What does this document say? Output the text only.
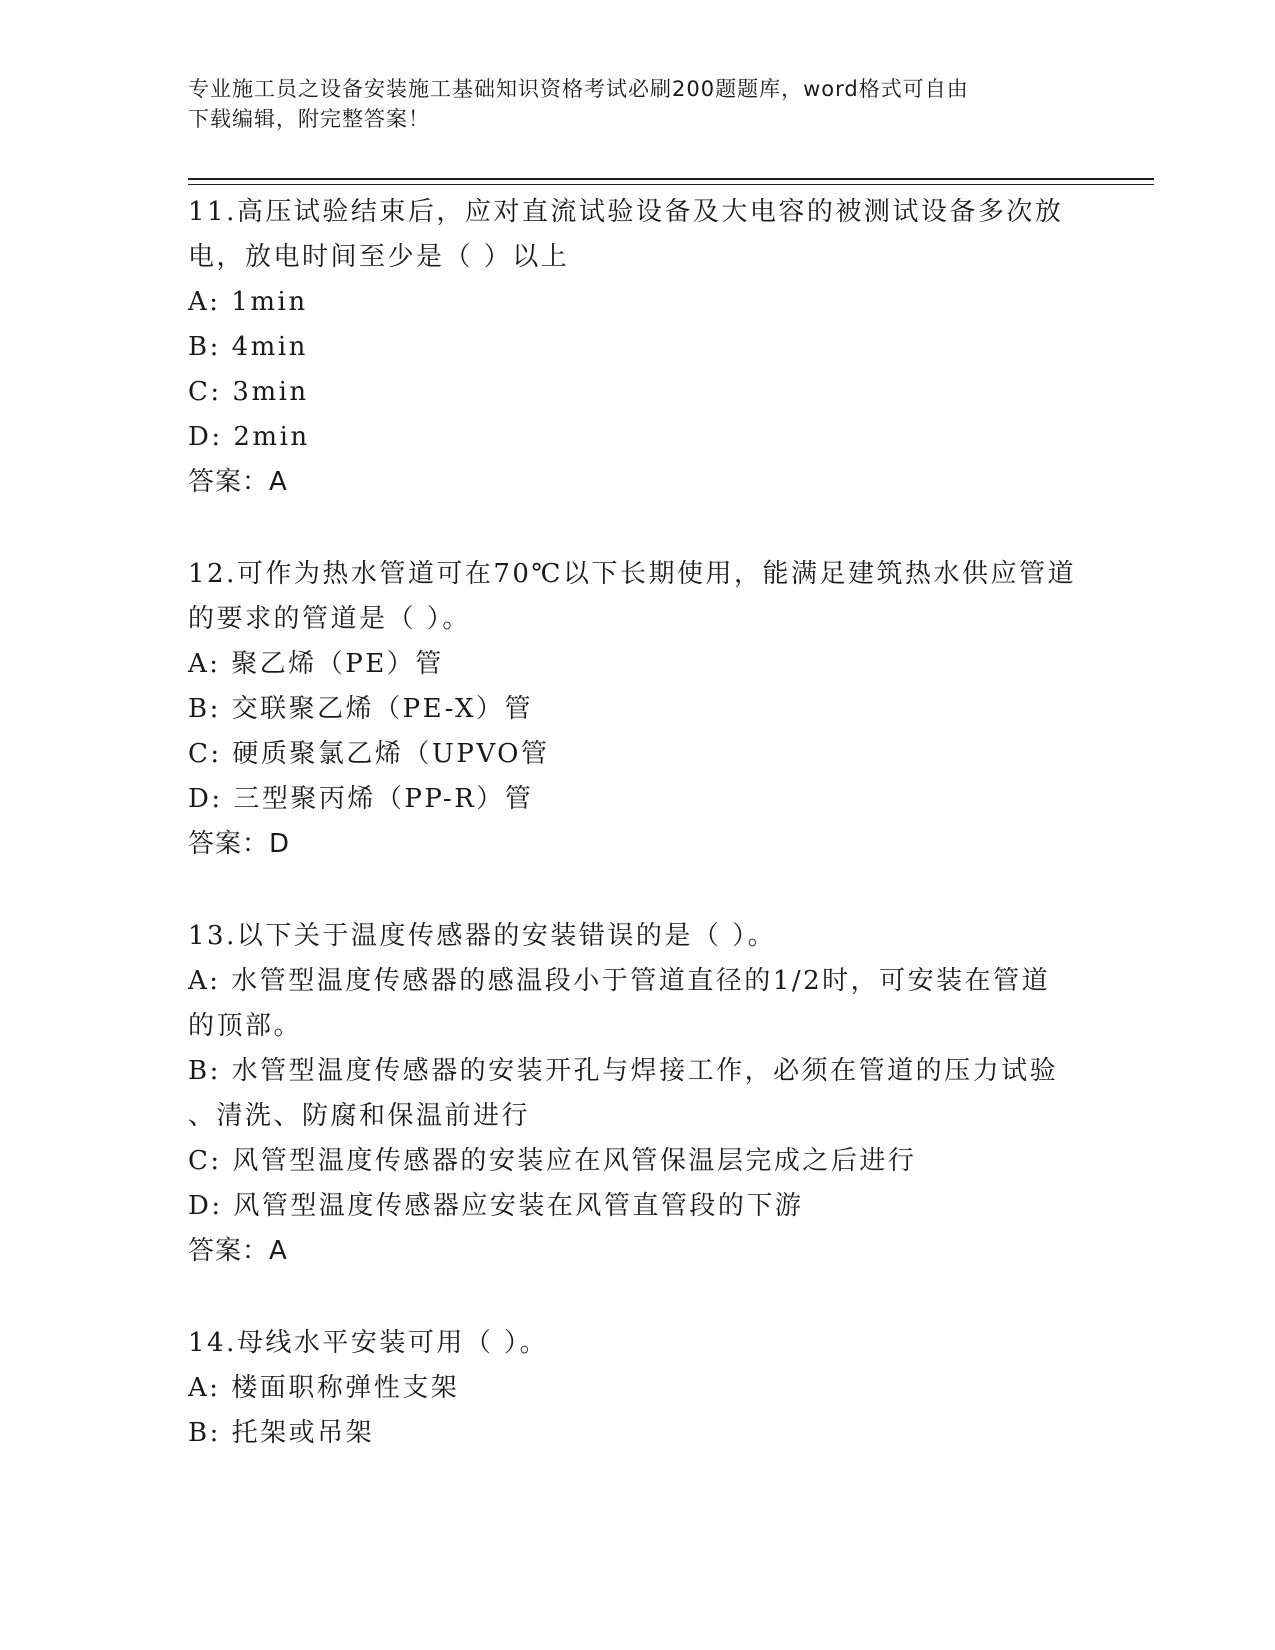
专业施工员之设备安装施工基础知识资格考试必刷200题题库，word格式可自由
下载编辑，附完整答案！
11.高压试验结束后，应对直流试验设备及大电容的被测试设备多次放
电，放电时间至少是（ ）以上
A: 1min
B: 4min
C: 3min
D: 2min
答案：A
12.可作为热水管道可在70℃以下长期使用，能满足建筑热水供应管道
的要求的管道是（ ）。
A: 聚乙烯（PE）管
B: 交联聚乙烯（PE-X）管
C: 硬质聚氯乙烯（UPVO管
D: 三型聚丙烯（PP-R）管
答案：D
13.以下关于温度传感器的安装错误的是（ ）。
A: 水管型温度传感器的感温段小于管道直径的1/2时，可安装在管道
的顶部。
B: 水管型温度传感器的安装开孔与焊接工作，必须在管道的压力试验
、清洗、防腐和保温前进行
C: 风管型温度传感器的安装应在风管保温层完成之后进行
D: 风管型温度传感器应安装在风管直管段的下游
答案：A
14.母线水平安装可用（ ）。
A: 楼面职称弹性支架
B: 托架或吊架
